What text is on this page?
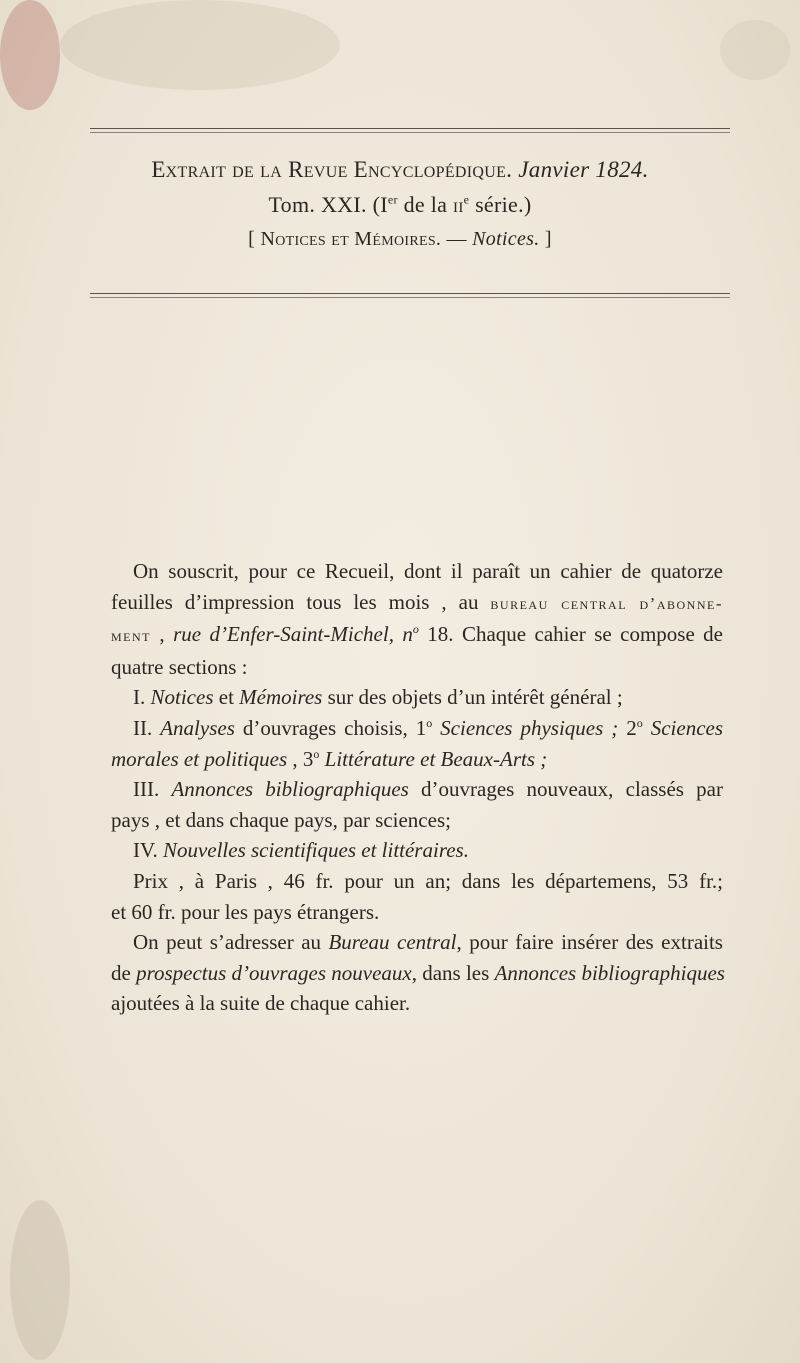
Extrait de la Revue Encyclopédique. Janvier 1824.
Tom. XXI. (Ier de la $ii^e$ série.)
[ Notices et Mémoires. — Notices. ]
On souscrit, pour ce Recueil, dont il paraît un cahier de quatorze
feuilles d’impression tous les mois , au bureau central d’abonne-
ment , rue d’Enfer-Saint-Michel, $n^o$ 18. Chaque cahier se compose de
quatre sections :
I. Notices et Mémoires sur des objets d’un intérêt général ;
II. Analyses d’ouvrages choisis, 1$^o$ Sciences physiques ; 2$^o$ Sciences
morales et politiques , 3$^o$ Littérature et Beaux-Arts ;
III. Annonces bibliographiques d’ouvrages nouveaux, classés par
pays , et dans chaque pays, par sciences;
IV. Nouvelles scientifiques et littéraires.
Prix , à Paris , 46 fr. pour un an; dans les départemens, 53 fr.;
et 60 fr. pour les pays étrangers.
On peut s’adresser au Bureau central, pour faire insérer des extraits
de prospectus d’ouvrages nouveaux, dans les Annonces bibliographiques
ajoutées à la suite de chaque cahier.
